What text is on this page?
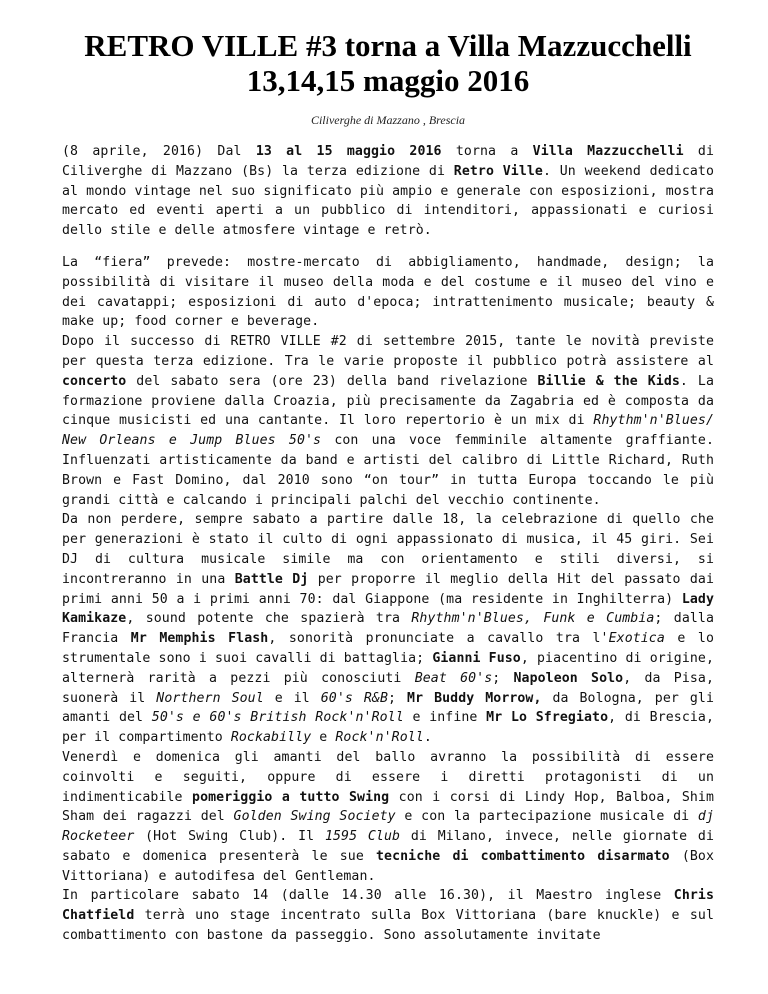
RETRO VILLE #3 torna a Villa Mazzucchelli
13,14,15 maggio 2016
Ciliverghe di Mazzano , Brescia

(8 aprile, 2016) Dal 13 al 15 maggio 2016 torna a Villa Mazzucchelli di Ciliverghe di Mazzano (Bs) la terza edizione di Retro Ville. Un weekend dedicato al mondo vintage nel suo significato più ampio e generale con esposizioni, mostra mercato ed eventi aperti a un pubblico di intenditori, appassionati e curiosi dello stile e delle atmosfere vintage e retrò.

La “fiera” prevede: mostre-mercato di abbigliamento, handmade, design; la possibilità di visitare il museo della moda e del costume e il museo del vino e dei cavatappi; esposizioni di auto d'epoca; intrattenimento musicale; beauty & make up; food corner e beverage.

Dopo il successo di RETRO VILLE #2 di settembre 2015, tante le novità previste per questa terza edizione. Tra le varie proposte il pubblico potrà assistere al concerto del sabato sera (ore 23) della band rivelazione Billie & the Kids. La formazione proviene dalla Croazia, più precisamente da Zagabria ed è composta da cinque musicisti ed una cantante. Il loro repertorio è un mix di Rhythm'n'Blues/ New Orleans e Jump Blues 50's con una voce femminile altamente graffiante. Influenzati artisticamente da band e artisti del calibro di Little Richard, Ruth Brown e Fast Domino, dal 2010 sono “on tour” in tutta Europa toccando le più grandi città e calcando i principali palchi del vecchio continente.

Da non perdere, sempre sabato a partire dalle 18, la celebrazione di quello che per generazioni è stato il culto di ogni appassionato di musica, il 45 giri. Sei DJ di cultura musicale simile ma con orientamento e stili diversi, si incontreranno in una Battle Dj per proporre il meglio della Hit del passato dai primi anni 50 a i primi anni 70: dal Giappone (ma residente in Inghilterra) Lady Kamikaze, sound potente che spazierà tra Rhythm'n'Blues, Funk e Cumbia; dalla Francia Mr Memphis Flash, sonorità pronunciate a cavallo tra l'Exotica e lo strumentale sono i suoi cavalli di battaglia; Gianni Fuso, piacentino di origine, alternerà rarità a pezzi più conosciuti Beat 60's; Napoleon Solo, da Pisa, suonerà il Northern Soul e il 60's R&B; Mr Buddy Morrow, da Bologna, per gli amanti del 50's e 60's British Rock'n'Roll e infine Mr Lo Sfregiato, di Brescia, per il compartimento Rockabilly e Rock'n'Roll.

Venerdì e domenica gli amanti del ballo avranno la possibilità di essere coinvolti e seguiti, oppure di essere i diretti protagonisti di un indimenticabile pomeriggio a tutto Swing con i corsi di Lindy Hop, Balboa, Shim Sham dei ragazzi del Golden Swing Society e con la partecipazione musicale di dj Rocketeer (Hot Swing Club). Il 1595 Club di Milano, invece, nelle giornate di sabato e domenica presenterà le sue tecniche di combattimento disarmato (Box Vittoriana) e autodifesa del Gentleman.

In particolare sabato 14 (dalle 14.30 alle 16.30), il Maestro inglese Chris Chatfield terrà uno stage incentrato sulla Box Vittoriana (bare knuckle) e sul combattimento con bastone da passeggio. Sono assolutamente invitate
